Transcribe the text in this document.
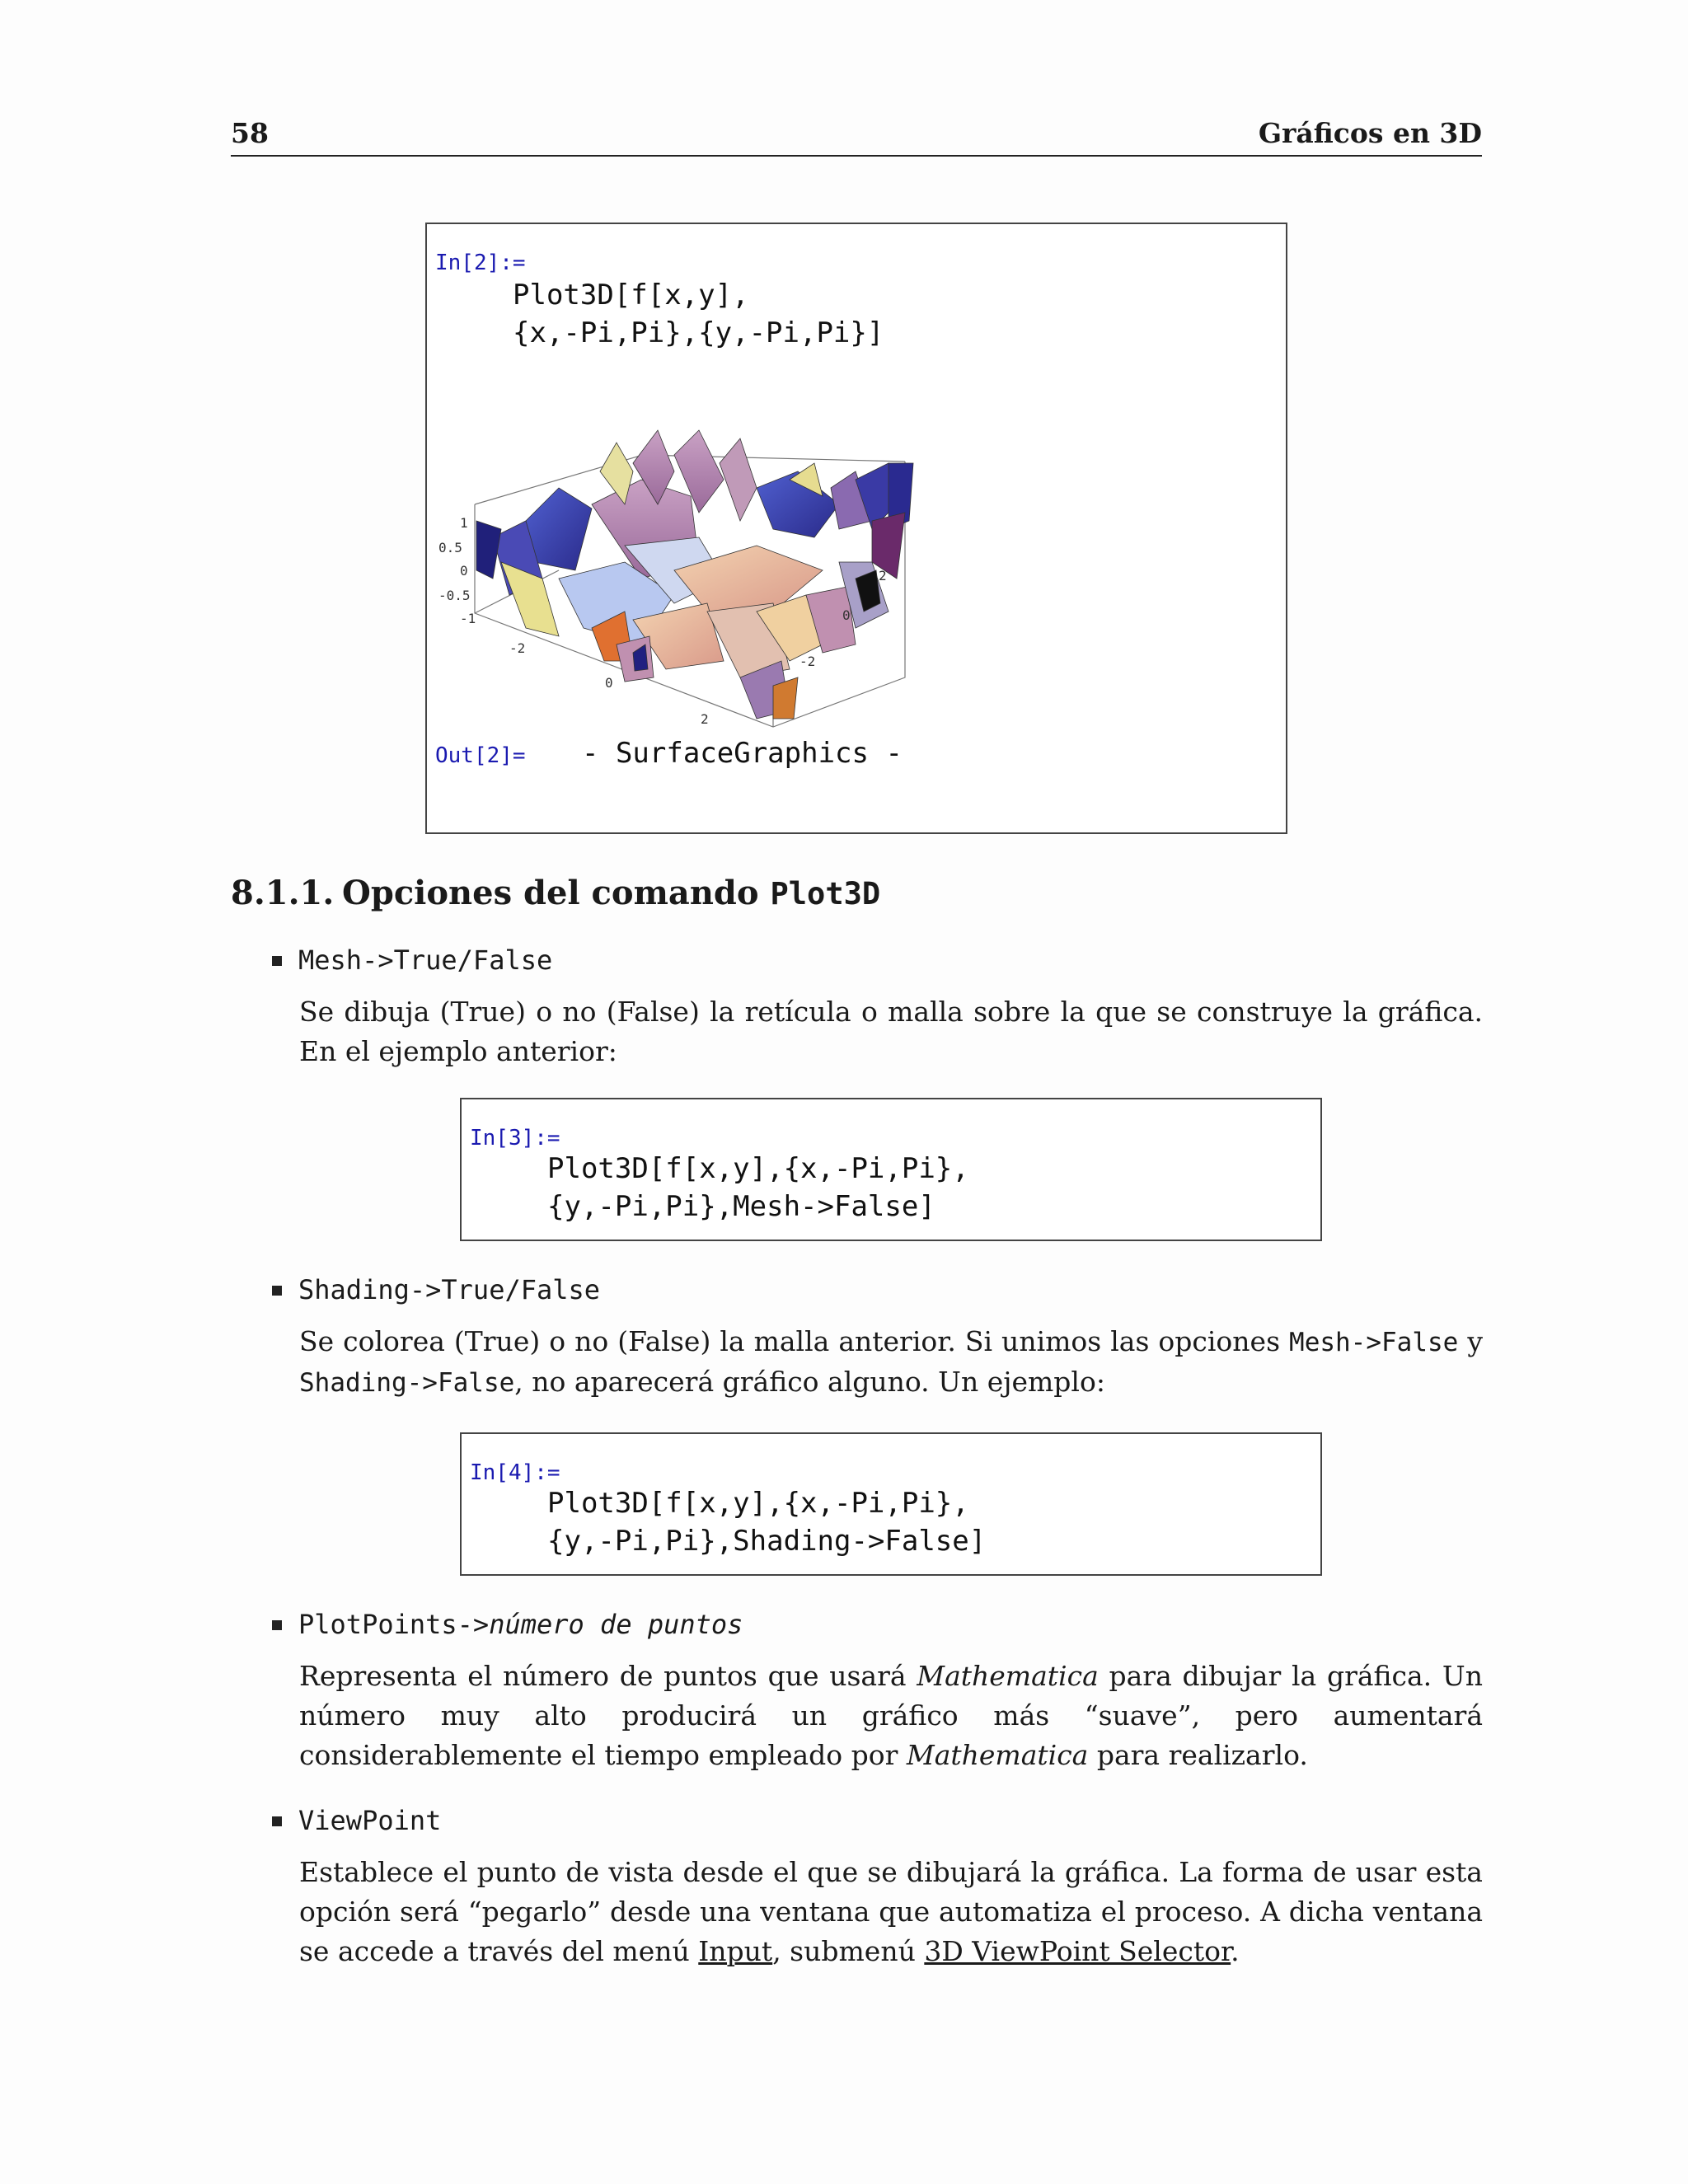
58	Gráficos en 3D
In[2]:=
Plot3D[f[x,y],
{x,-Pi,Pi},{y,-Pi,Pi}]
1
0.5
0
-0.5
-1
-2
0
2
2
0
-2
Out[2]= - SurfaceGraphics -
8.1.1. Opciones del comando Plot3D
Mesh->True/False
Se dibuja (True) o no (False) la retícula o malla sobre la que se construye la gráfica. En el ejemplo anterior:
In[3]:=
Plot3D[f[x,y],{x,-Pi,Pi},
{y,-Pi,Pi},Mesh->False]
Shading->True/False
Se colorea (True) o no (False) la malla anterior. Si unimos las opciones Mesh->False y Shading->False, no aparecerá gráfico alguno. Un ejemplo:
In[4]:=
Plot3D[f[x,y],{x,-Pi,Pi},
{y,-Pi,Pi},Shading->False]
PlotPoints->número de puntos
Representa el número de puntos que usará Mathematica para dibujar la gráfica. Un número muy alto producirá un gráfico más “suave”, pero aumentará considerablemente el tiempo empleado por Mathematica para realizarlo.
ViewPoint
Establece el punto de vista desde el que se dibujará la gráfica. La forma de usar esta opción será “pegarlo” desde una ventana que automatiza el proceso. A dicha ventana se accede a través del menú Input, submenú 3D ViewPoint Selector.
